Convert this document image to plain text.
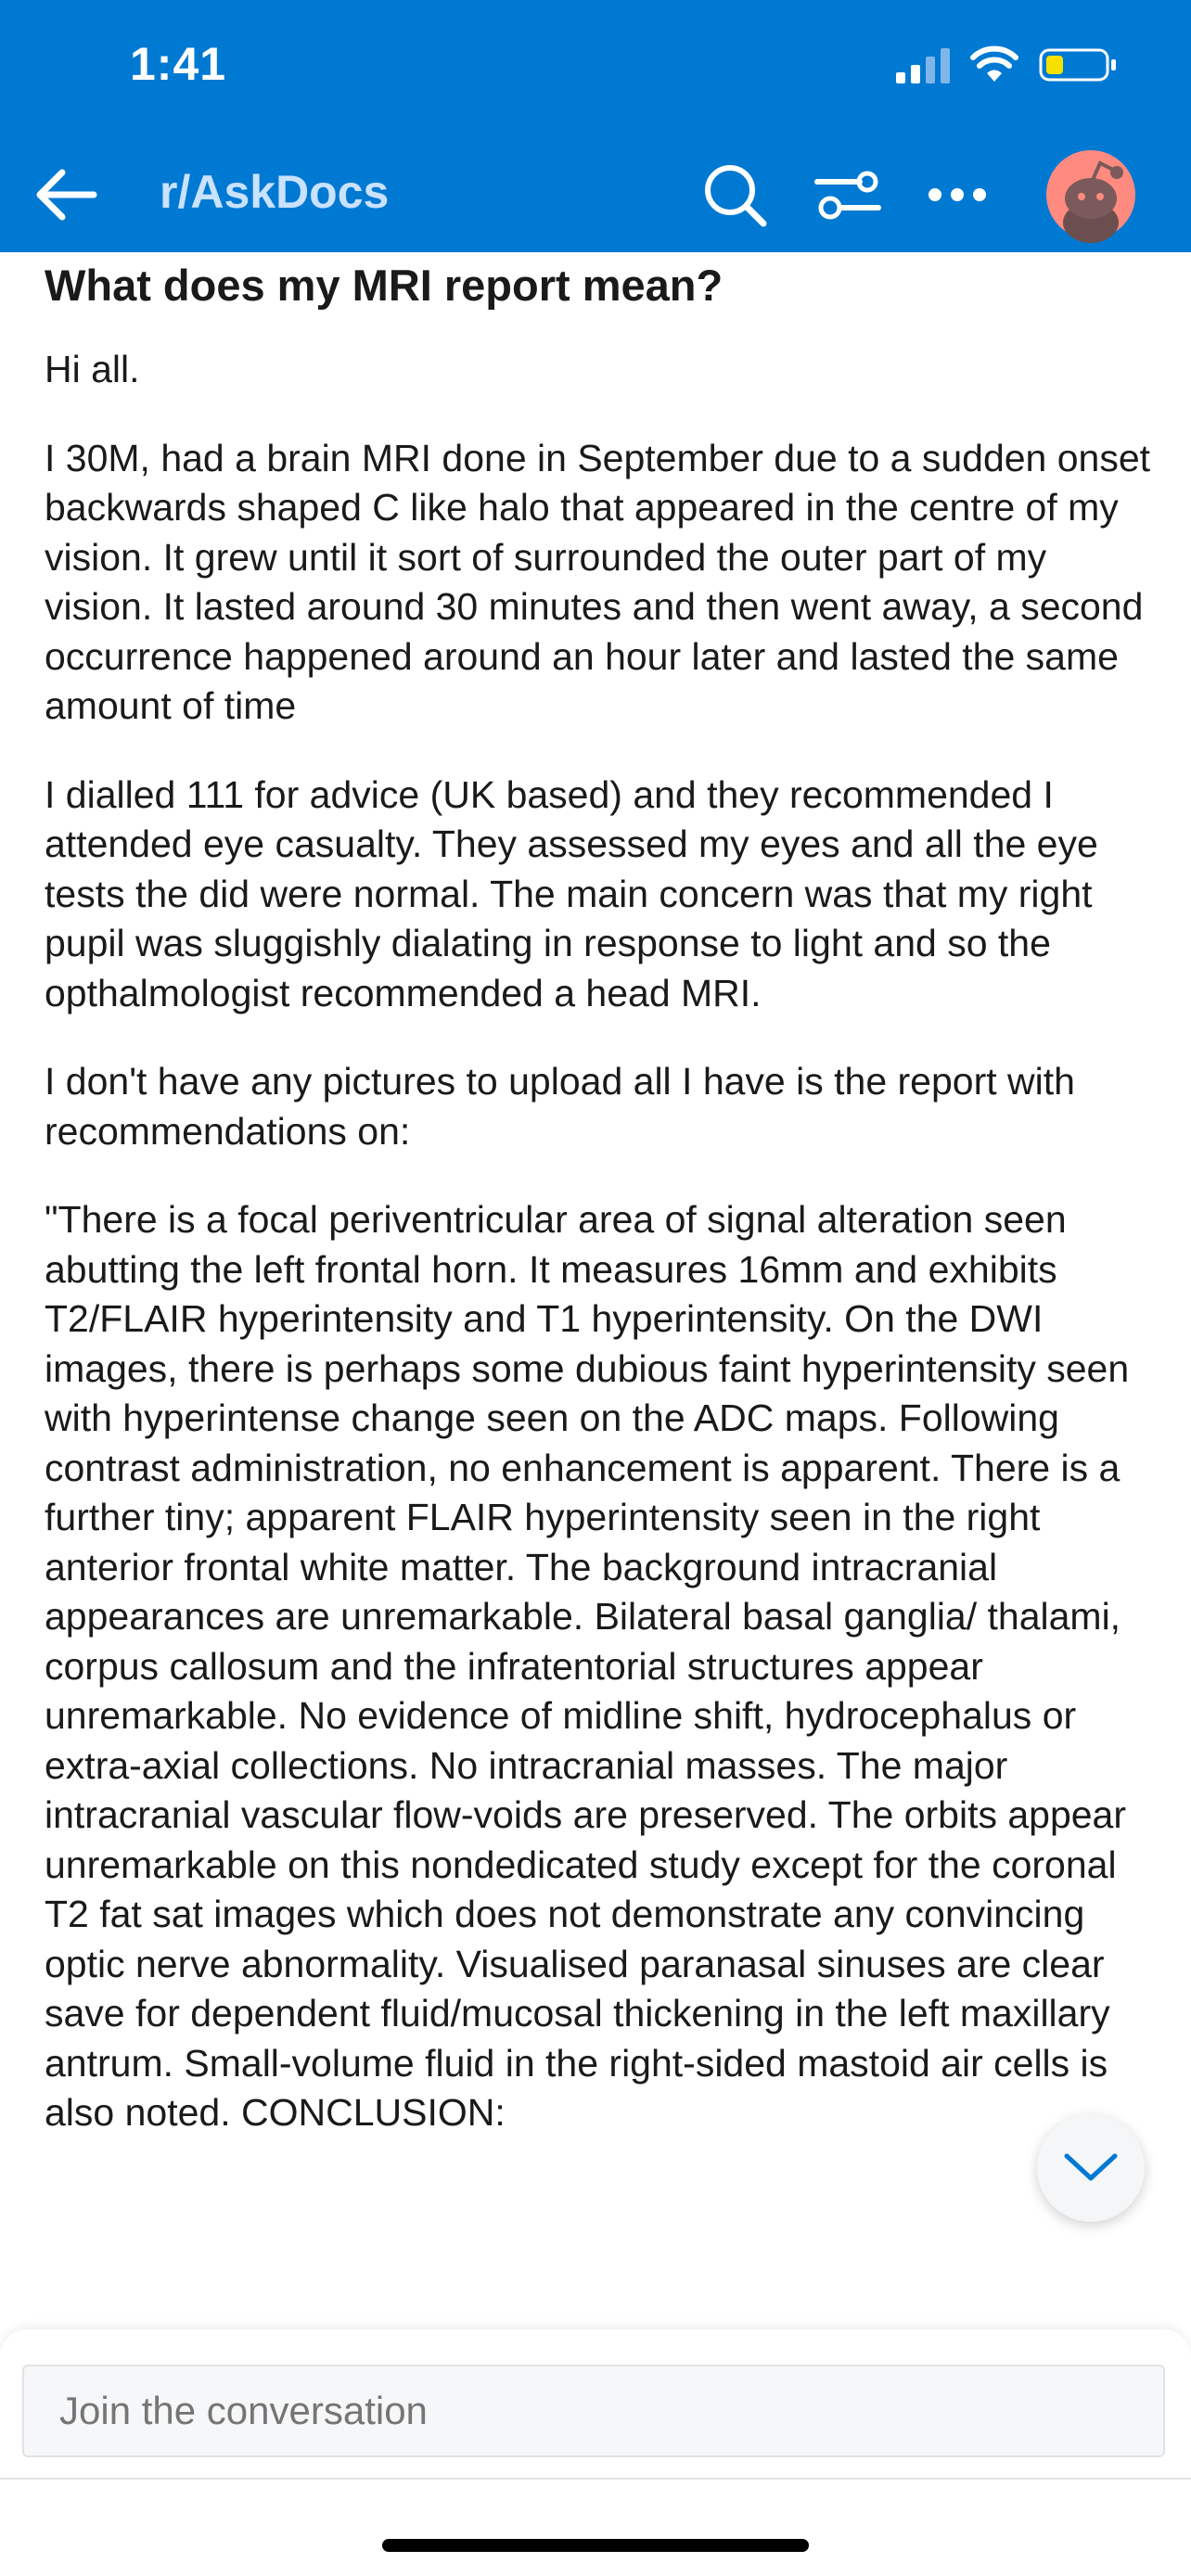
1:41
r/AskDocs
What does my MRI report mean?

Hi all.

I 30M, had a brain MRI done in September due to a sudden onset backwards shaped C like halo that appeared in the centre of my vision. It grew until it sort of surrounded the outer part of my vision. It lasted around 30 minutes and then went away, a second occurrence happened around an hour later and lasted the same amount of time

I dialled 111 for advice (UK based) and they recommended I attended eye casualty. They assessed my eyes and all the eye tests the did were normal. The main concern was that my right pupil was sluggishly dialating in response to light and so the opthalmologist recommended a head MRI.

I don't have any pictures to upload all I have is the report with recommendations on:

"There is a focal periventricular area of signal alteration seen abutting the left frontal horn. It measures 16mm and exhibits T2/FLAIR hyperintensity and T1 hyperintensity. On the DWI images, there is perhaps some dubious faint hyperintensity seen with hyperintense change seen on the ADC maps. Following contrast administration, no enhancement is apparent. There is a further tiny; apparent FLAIR hyperintensity seen in the right anterior frontal white matter. The background intracranial appearances are unremarkable. Bilateral basal ganglia/ thalami, corpus callosum and the infratentorial structures appear unremarkable. No evidence of midline shift, hydrocephalus or extra-axial collections. No intracranial masses. The major intracranial vascular flow-voids are preserved. The orbits appear unremarkable on this nondedicated study except for the coronal T2 fat sat images which does not demonstrate any convincing optic nerve abnormality. Visualised paranasal sinuses are clear save for dependent fluid/mucosal thickening in the left maxillary antrum. Small-volume fluid in the right-sided mastoid air cells is also noted. CONCLUSION:

Join the conversation
